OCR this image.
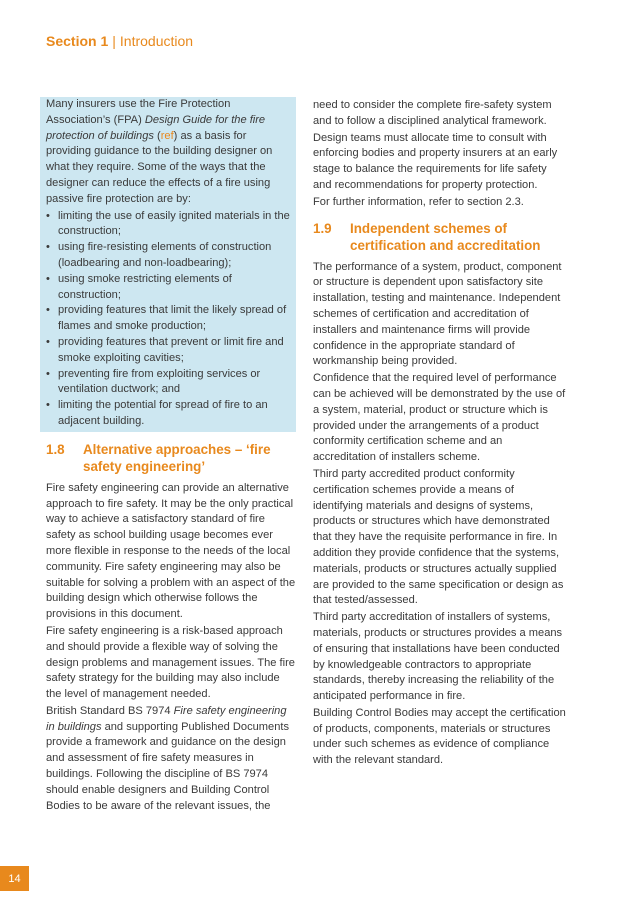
Section 1 | Introduction

Many insurers use the Fire Protection Association’s (FPA) Design Guide for the fire protection of buildings (ref) as a basis for providing guidance to the building designer on what they require. Some of the ways that the designer can reduce the effects of a fire using passive fire protection are by:

• limiting the use of easily ignited materials in the construction;
• using fire-resisting elements of construction (loadbearing and non-loadbearing);
• using smoke restricting elements of construction;
• providing features that limit the likely spread of flames and smoke production;
• providing features that prevent or limit fire and smoke exploiting cavities;
• preventing fire from exploiting services or ventilation ductwork; and
• limiting the potential for spread of fire to an adjacent building.
1.8	Alternative approaches – ‘fire safety engineering’

Fire safety engineering can provide an alternative approach to fire safety. It may be the only practical way to achieve a satisfactory standard of fire safety as school building usage becomes ever more flexible in response to the needs of the local community. Fire safety engineering may also be suitable for solving a problem with an aspect of the building design which otherwise follows the provisions in this document.

Fire safety engineering is a risk-based approach and should provide a flexible way of solving the design problems and management issues. The fire safety strategy for the building may also include the level of management needed.

British Standard BS 7974 Fire safety engineering in buildings and supporting Published Documents provide a framework and guidance on the design and assessment of fire safety measures in buildings. Following the discipline of BS 7974 should enable designers and Building Control Bodies to be aware of the relevant issues, the

need to consider the complete fire-safety system and to follow a disciplined analytical framework.

Design teams must allocate time to consult with enforcing bodies and property insurers at an early stage to balance the requirements for life safety and recommendations for property protection.

For further information, refer to section 2.3.

1.9	Independent schemes of certification and accreditation

The performance of a system, product, component or structure is dependent upon satisfactory site installation, testing and maintenance. Independent schemes of certification and accreditation of installers and maintenance firms will provide confidence in the appropriate standard of workmanship being provided.

Confidence that the required level of performance can be achieved will be demonstrated by the use of a system, material, product or structure which is provided under the arrangements of a product conformity certification scheme and an accreditation of installers scheme.

Third party accredited product conformity certification schemes provide a means of identifying materials and designs of systems, products or structures which have demonstrated that they have the requisite performance in fire. In addition they provide confidence that the systems, materials, products or structures actually supplied are provided to the same specification or design as that tested/assessed.

Third party accreditation of installers of systems, materials, products or structures provides a means of ensuring that installations have been conducted by knowledgeable contractors to appropriate standards, thereby increasing the reliability of the anticipated performance in fire.

Building Control Bodies may accept the certification of products, components, materials or structures under such schemes as evidence of compliance with the relevant standard.

14
